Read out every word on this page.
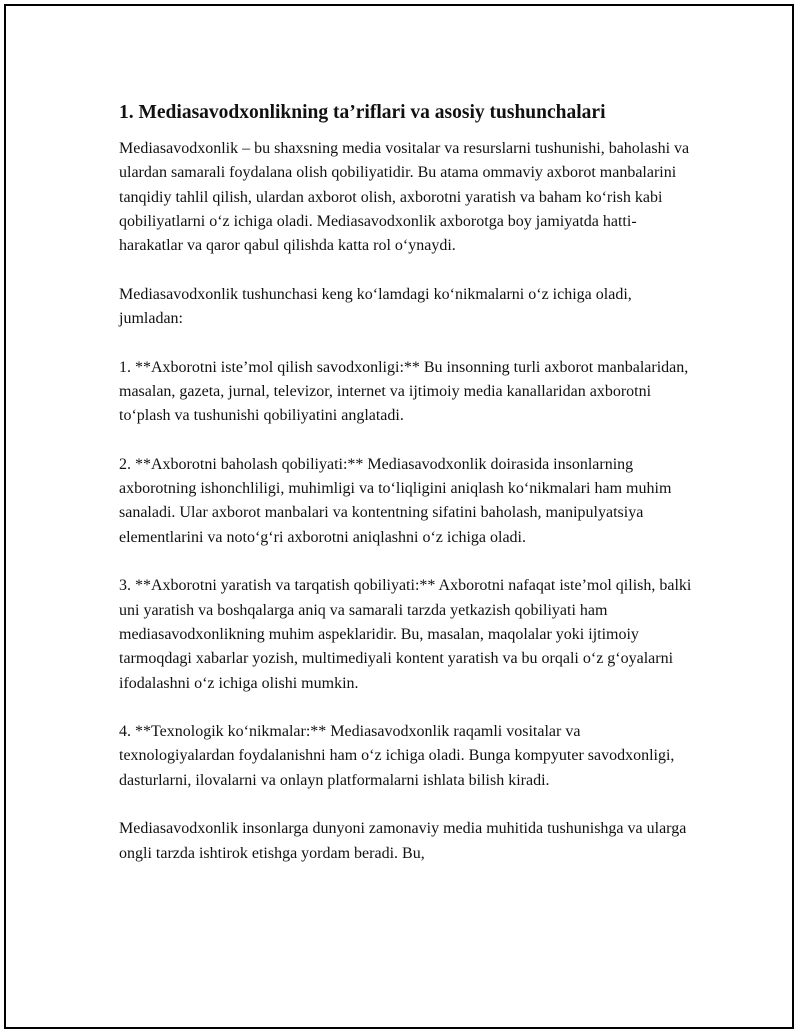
1. Mediasavodxonlikning ta’riflari va asosiy tushunchalari

Mediasavodxonlik – bu shaxsning media vositalar va resurslarni tushunishi, baholashi va ulardan samarali foydalana olish qobiliyatidir. Bu atama ommaviy axborot manbalarini tanqidiy tahlil qilish, ulardan axborot olish, axborotni yaratish va baham ko‘rish kabi qobiliyatlarni o‘z ichiga oladi. Mediasavodxonlik axborotga boy jamiyatda hatti-harakatlar va qaror qabul qilishda katta rol o‘ynaydi.

Mediasavodxonlik tushunchasi keng ko‘lamdagi ko‘nikmalarni o‘z ichiga oladi, jumladan:

1. **Axborotni iste’mol qilish savodxonligi:** Bu insonning turli axborot manbalaridan, masalan, gazeta, jurnal, televizor, internet va ijtimoiy media kanallaridan axborotni to‘plash va tushunishi qobiliyatini anglatadi.

2. **Axborotni baholash qobiliyati:** Mediasavodxonlik doirasida insonlarning axborotning ishonchliligi, muhimligi va to‘liqligini aniqlash ko‘nikmalari ham muhim sanaladi. Ular axborot manbalari va kontentning sifatini baholash, manipulyatsiya elementlarini va noto‘g‘ri axborotni aniqlashni o‘z ichiga oladi.

3. **Axborotni yaratish va tarqatish qobiliyati:** Axborotni nafaqat iste’mol qilish, balki uni yaratish va boshqalarga aniq va samarali tarzda yetkazish qobiliyati ham mediasavodxonlikning muhim aspeklaridir. Bu, masalan, maqolalar yoki ijtimoiy tarmoqdagi xabarlar yozish, multimediyali kontent yaratish va bu orqali o‘z g‘oyalarni ifodalashni o‘z ichiga olishi mumkin.

4. **Texnologik ko‘nikmalar:** Mediasavodxonlik raqamli vositalar va texnologiyalardan foydalanishni ham o‘z ichiga oladi. Bunga kompyuter savodxonligi, dasturlarni, ilovalarni va onlayn platformalarni ishlata bilish kiradi.

Mediasavodxonlik insonlarga dunyoni zamonaviy media muhitida tushunishga va ularga ongli tarzda ishtirok etishga yordam beradi. Bu,
